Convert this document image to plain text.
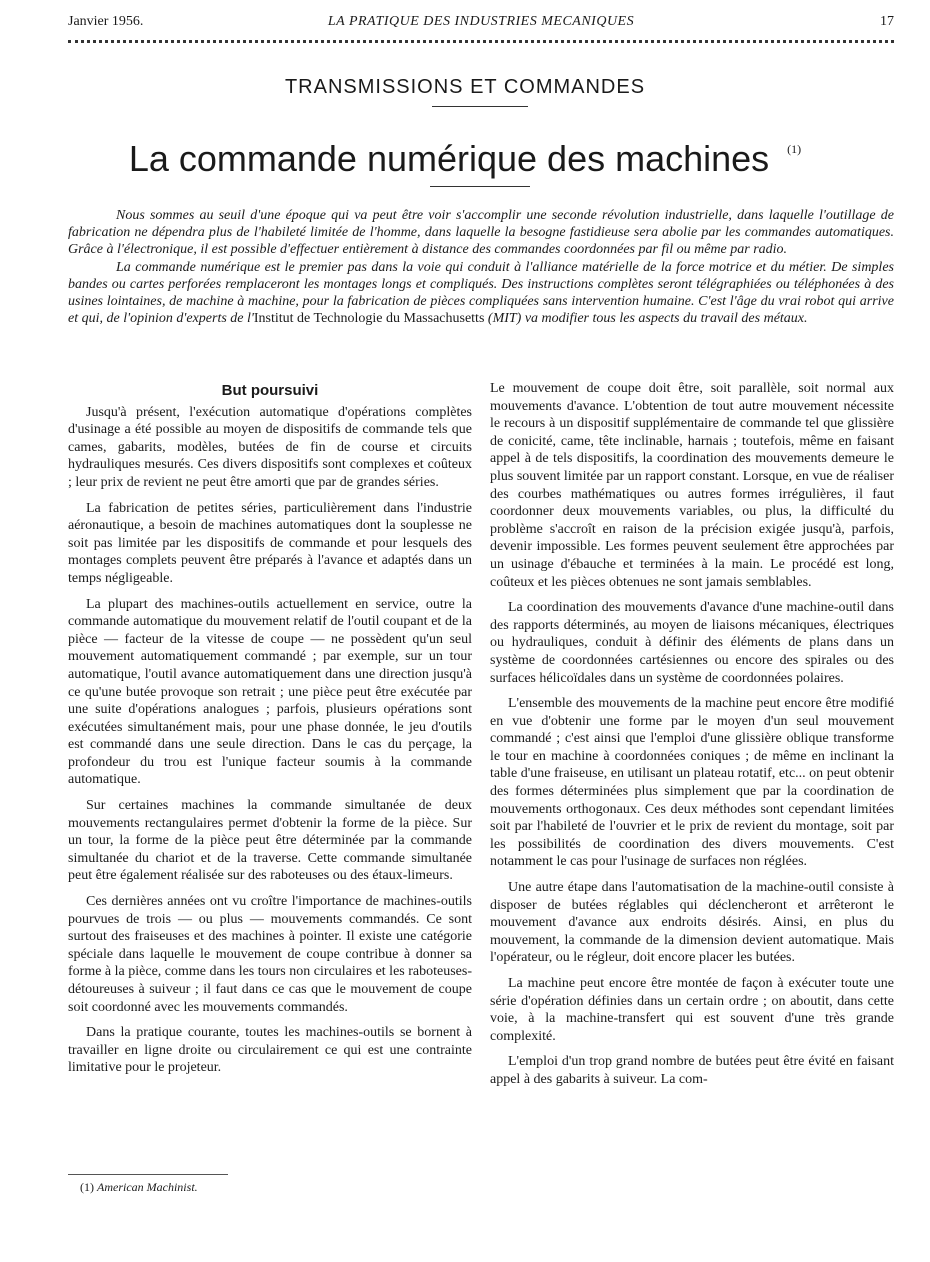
Janvier 1956.	LA PRATIQUE DES INDUSTRIES MECANIQUES	17
TRANSMISSIONS ET COMMANDES
La commande numérique des machines $^{(1)}$

Nous sommes au seuil d'une époque qui va peut être voir s'accomplir une seconde révolution industrielle, dans laquelle l'outillage de fabrication ne dépendra plus de l'habileté limitée de l'homme, dans laquelle la besogne fastidieuse sera abolie par les commandes automatiques. Grâce à l'électronique, il est possible d'effectuer entièrement à distance des commandes coordonnées par fil ou même par radio.

La commande numérique est le premier pas dans la voie qui conduit à l'alliance matérielle de la force motrice et du métier. De simples bandes ou cartes perforées remplaceront les montages longs et compliqués. Des instructions complètes seront télégraphiées ou téléphonées à des usines lointaines, de machine à machine, pour la fabrication de pièces compliquées sans intervention humaine. C'est l'âge du vrai robot qui arrive et qui, de l'opinion d'experts de l'Institut de Technologie du Massachusetts (MIT) va modifier tous les aspects du travail des métaux.

But poursuivi

Jusqu'à présent, l'exécution automatique d'opérations complètes d'usinage a été possible au moyen de dispositifs de commande tels que cames, gabarits, modèles, butées de fin de course et circuits hydrauliques mesurés. Ces divers dispositifs sont complexes et coûteux ; leur prix de revient ne peut être amorti que par de grandes séries.

La fabrication de petites séries, particulièrement dans l'industrie aéronautique, a besoin de machines automatiques dont la souplesse ne soit pas limitée par les dispositifs de commande et pour lesquels des montages complets peuvent être préparés à l'avance et adaptés dans un temps négligeable.

La plupart des machines-outils actuellement en service, outre la commande automatique du mouvement relatif de l'outil coupant et de la pièce — facteur de la vitesse de coupe — ne possèdent qu'un seul mouvement automatiquement commandé ; par exemple, sur un tour automatique, l'outil avance automatiquement dans une direction jusqu'à ce qu'une butée provoque son retrait ; une pièce peut être exécutée par une suite d'opérations analogues ; parfois, plusieurs opérations sont exécutées simultanément mais, pour une phase donnée, le jeu d'outils est commandé dans une seule direction. Dans le cas du perçage, la profondeur du trou est l'unique facteur soumis à la commande automatique.

Sur certaines machines la commande simultanée de deux mouvements rectangulaires permet d'obtenir la forme de la pièce. Sur un tour, la forme de la pièce peut être déterminée par la commande simultanée du chariot et de la traverse. Cette commande simultanée peut être également réalisée sur des raboteuses ou des étaux-limeurs.

Ces dernières années ont vu croître l'importance de machines-outils pourvues de trois — ou plus — mouvements commandés. Ce sont surtout des fraiseuses et des machines à pointer. Il existe une catégorie spéciale dans laquelle le mouvement de coupe contribue à donner sa forme à la pièce, comme dans les tours non circulaires et les raboteuses-détoureuses à suiveur ; il faut dans ce cas que le mouvement de coupe soit coordonné avec les mouvements commandés.

Dans la pratique courante, toutes les machines-outils se bornent à travailler en ligne droite ou circulairement ce qui est une contrainte limitative pour le projeteur.

Le mouvement de coupe doit être, soit parallèle, soit normal aux mouvements d'avance. L'obtention de tout autre mouvement nécessite le recours à un dispositif supplémentaire de commande tel que glissière de conicité, came, tête inclinable, harnais ; toutefois, même en faisant appel à de tels dispositifs, la coordination des mouvements demeure le plus souvent limitée par un rapport constant. Lorsque, en vue de réaliser des courbes mathématiques ou autres formes irrégulières, il faut coordonner deux mouvements variables, ou plus, la difficulté du problème s'accroît en raison de la précision exigée jusqu'à, parfois, devenir impossible. Les formes peuvent seulement être approchées par un usinage d'ébauche et terminées à la main. Le procédé est long, coûteux et les pièces obtenues ne sont jamais semblables.

La coordination des mouvements d'avance d'une machine-outil dans des rapports déterminés, au moyen de liaisons mécaniques, électriques ou hydrauliques, conduit à définir des éléments de plans dans un système de coordonnées cartésiennes ou encore des spirales ou des surfaces hélicoïdales dans un système de coordonnées polaires.

L'ensemble des mouvements de la machine peut encore être modifié en vue d'obtenir une forme par le moyen d'un seul mouvement commandé ; c'est ainsi que l'emploi d'une glissière oblique transforme le tour en machine à coordonnées coniques ; de même en inclinant la table d'une fraiseuse, en utilisant un plateau rotatif, etc... on peut obtenir des formes déterminées plus simplement que par la coordination de mouvements orthogonaux. Ces deux méthodes sont cependant limitées soit par l'habileté de l'ouvrier et le prix de revient du montage, soit par les possibilités de coordination des divers mouvements. C'est notamment le cas pour l'usinage de surfaces non réglées.

Une autre étape dans l'automatisation de la machine-outil consiste à disposer de butées réglables qui déclencheront et arrêteront le mouvement d'avance aux endroits désirés. Ainsi, en plus du mouvement, la commande de la dimension devient automatique. Mais l'opérateur, ou le régleur, doit encore placer les butées.

La machine peut encore être montée de façon à exécuter toute une série d'opération définies dans un certain ordre ; on aboutit, dans cette voie, à la machine-transfert qui est souvent d'une très grande complexité.

L'emploi d'un trop grand nombre de butées peut être évité en faisant appel à des gabarits à suiveur. La com-

(1) American Machinist.
